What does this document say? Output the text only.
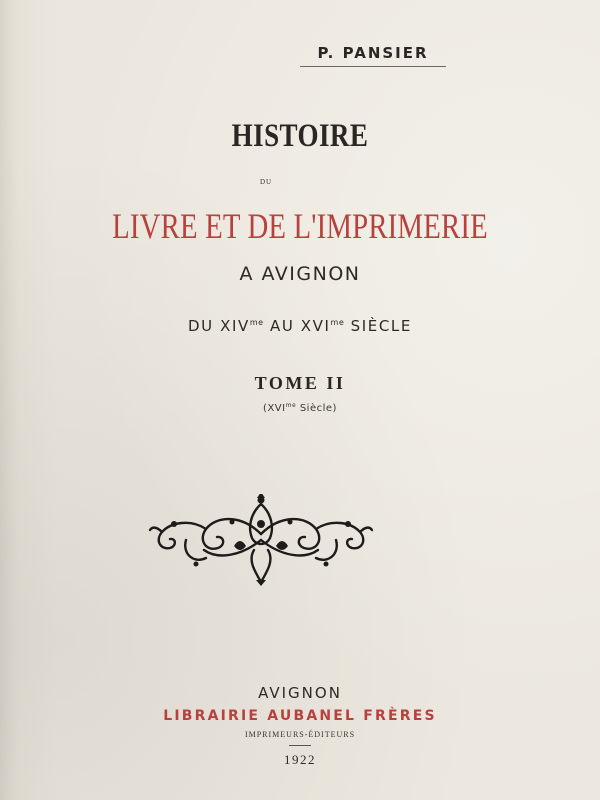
P. PANSIER
HISTOIRE
DU
LIVRE ET DE L'IMPRIMERIE
A AVIGNON
DU $XIV^{me}$ AU $XVI^{me}$ SIÈCLE
TOME II
($XVI^{me}$ Siècle)
AVIGNON
LIBRAIRIE AUBANEL FRÈRES
IMPRIMEURS-ÉDITEURS
1922
